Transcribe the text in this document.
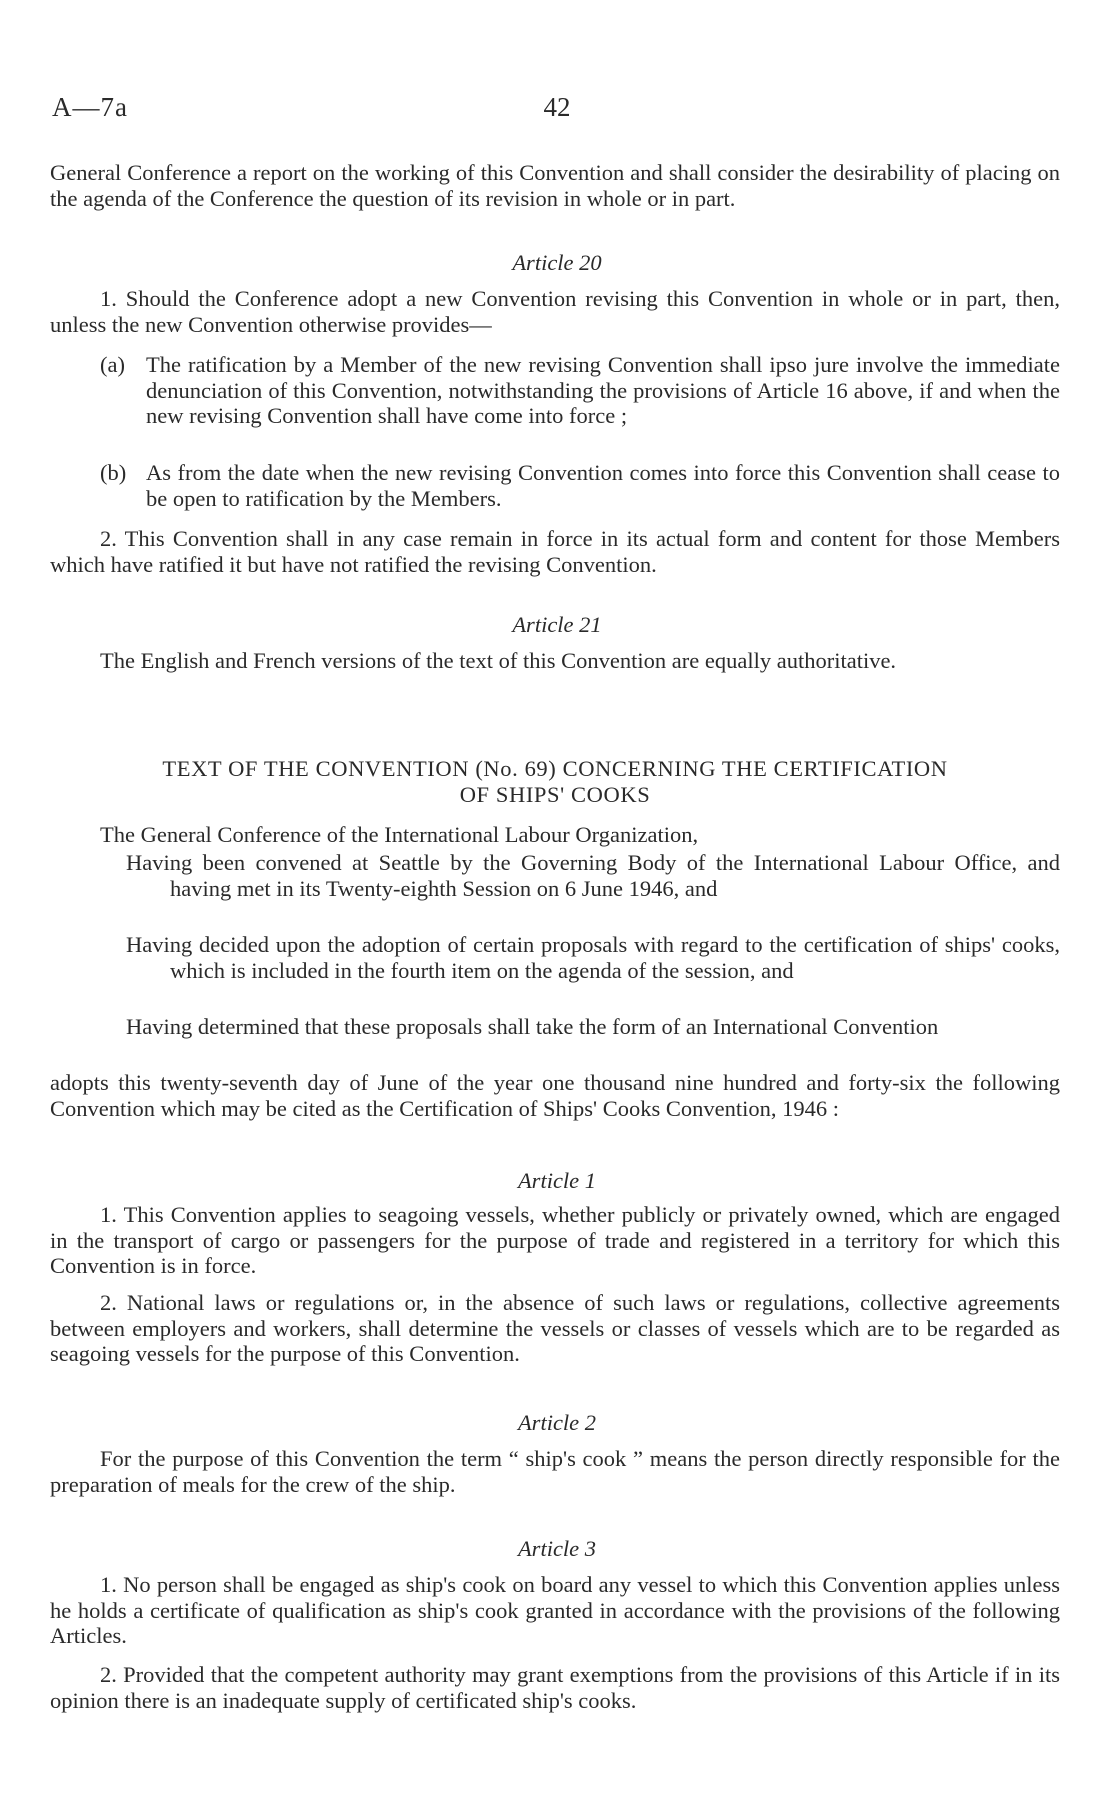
A—7a	42

General Conference a report on the working of this Convention and shall consider the desirability of placing on the agenda of the Conference the question of its revision in whole or in part.

Article 20

1. Should the Conference adopt a new Convention revising this Convention in whole or in part, then, unless the new Convention otherwise provides—

(a) The ratification by a Member of the new revising Convention shall ipso jure involve the immediate denunciation of this Convention, notwithstanding the provisions of Article 16 above, if and when the new revising Convention shall have come into force ;

(b) As from the date when the new revising Convention comes into force this Convention shall cease to be open to ratification by the Members.

2. This Convention shall in any case remain in force in its actual form and content for those Members which have ratified it but have not ratified the revising Convention.

Article 21

The English and French versions of the text of this Convention are equally authoritative.

TEXT OF THE CONVENTION (No. 69) CONCERNING THE CERTIFICATION
OF SHIPS' COOKS

The General Conference of the International Labour Organization,

Having been convened at Seattle by the Governing Body of the International Labour Office, and having met in its Twenty-eighth Session on 6 June 1946, and

Having decided upon the adoption of certain proposals with regard to the certification of ships' cooks, which is included in the fourth item on the agenda of the session, and

Having determined that these proposals shall take the form of an International Convention

adopts this twenty-seventh day of June of the year one thousand nine hundred and forty-six the following Convention which may be cited as the Certification of Ships' Cooks Convention, 1946 :

Article 1

1. This Convention applies to seagoing vessels, whether publicly or privately owned, which are engaged in the transport of cargo or passengers for the purpose of trade and registered in a territory for which this Convention is in force.

2. National laws or regulations or, in the absence of such laws or regulations, collective agreements between employers and workers, shall determine the vessels or classes of vessels which are to be regarded as seagoing vessels for the purpose of this Convention.

Article 2

For the purpose of this Convention the term “ ship's cook ” means the person directly responsible for the preparation of meals for the crew of the ship.

Article 3

1. No person shall be engaged as ship's cook on board any vessel to which this Convention applies unless he holds a certificate of qualification as ship's cook granted in accordance with the provisions of the following Articles.

2. Provided that the competent authority may grant exemptions from the provisions of this Article if in its opinion there is an inadequate supply of certificated ship's cooks.
